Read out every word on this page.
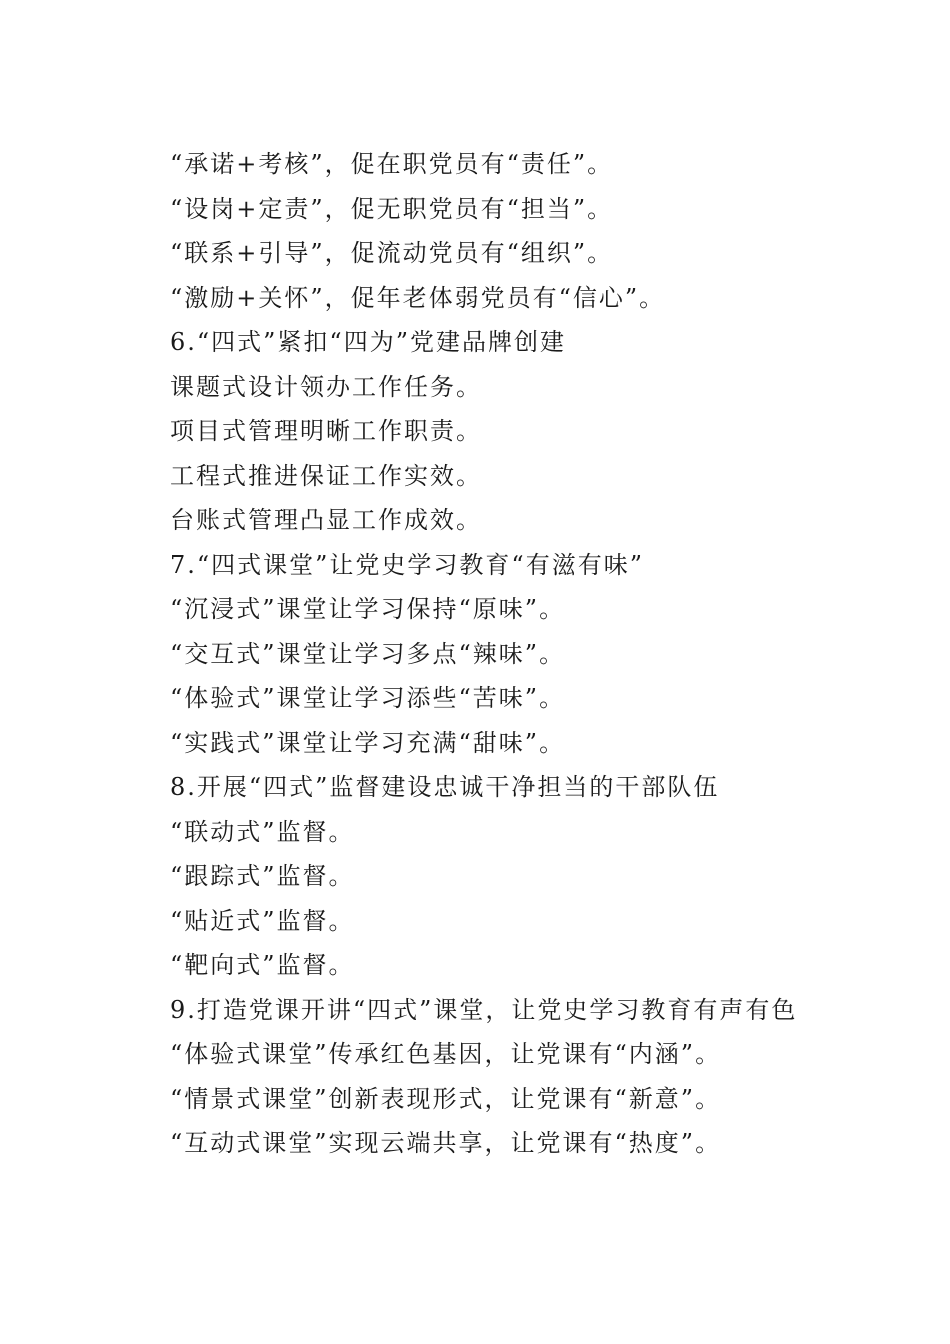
“承诺+考核”，促在职党员有“责任”。
“设岗+定责”，促无职党员有“担当”。
“联系+引导”，促流动党员有“组织”。
“激励+关怀”，促年老体弱党员有“信心”。
6.“四式”紧扣“四为”党建品牌创建
课题式设计领办工作任务。
项目式管理明晰工作职责。
工程式推进保证工作实效。
台账式管理凸显工作成效。
7.“四式课堂”让党史学习教育“有滋有味”
“沉浸式”课堂让学习保持“原味”。
“交互式”课堂让学习多点“辣味”。
“体验式”课堂让学习添些“苦味”。
“实践式”课堂让学习充满“甜味”。
8.开展“四式”监督建设忠诚干净担当的干部队伍
“联动式”监督。
“跟踪式”监督。
“贴近式”监督。
“靶向式”监督。
9.打造党课开讲“四式”课堂，让党史学习教育有声有色
“体验式课堂”传承红色基因，让党课有“内涵”。
“情景式课堂”创新表现形式，让党课有“新意”。
“互动式课堂”实现云端共享，让党课有“热度”。
